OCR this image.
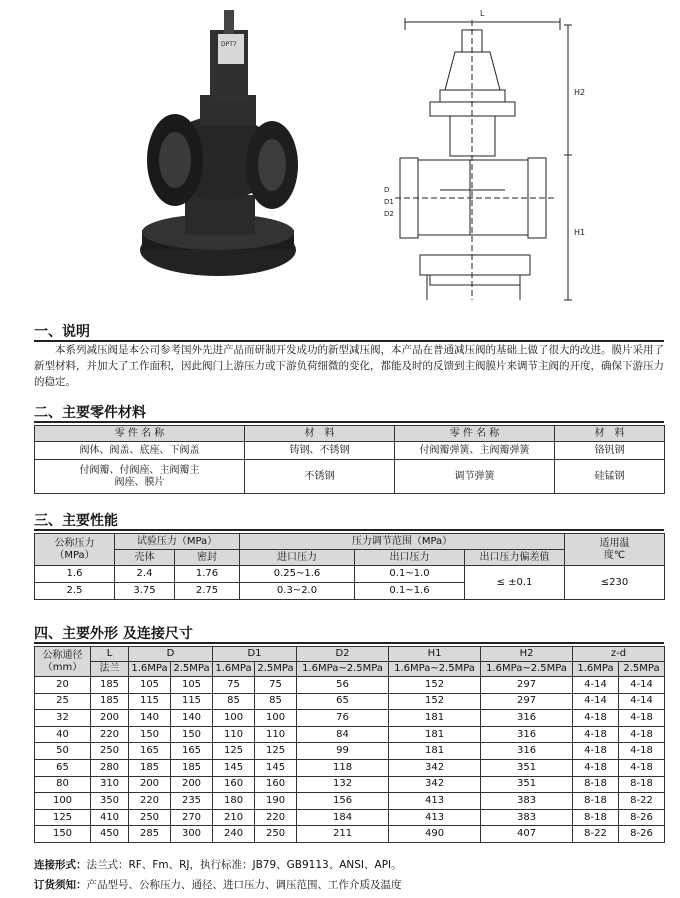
DPT7
L
H2
H1
D
D1
D2
一、说明
本系列减压阀是本公司参考国外先进产品而研制开发成功的新型减压阀，本产品在普通减压阀的基础上做了很大的改进。膜片采用了新型材料，并加大了工作面积，因此阀门上游压力或下游负荷细微的变化，都能及时的反馈到主阀膜片来调节主阀的开度，确保下游压力的稳定。
二、主要零件材料
零 件 名 称	材　料	零 件 名 称	材　料
阀体、阀盖、底座、下阀盖	铸钢、不锈钢	付阀瓣弹簧、主阀瓣弹簧	铬钒钢
付阀瓣、付阀座、主阀瓣主阀座、膜片	不锈钢	调节弹簧	硅锰钢
三、主要性能
公称压力（MPa）	试验压力（MPa）		压力调节范围（MPa）			适用温度℃
	壳体	密封	进口压力	出口压力	出口压力偏差值	
1.6	2.4	1.76	0.25~1.6	0.1~1.0	≤ ±0.1	≤230
2.5	3.75	2.75	0.3~2.0	0.1~1.6		
四、主要外形 及连接尺寸
公称通径（mm）	L	D		D1		D2	H1	H2	z-d	
	法兰	1.6MPa	2.5MPa	1.6MPa	2.5MPa	1.6MPa~2.5MPa	1.6MPa~2.5MPa	1.6MPa~2.5MPa	1.6MPa	2.5MPa
20	185	105	105	75	75	56	152	297	4-14	4-14
25	185	115	115	85	85	65	152	297	4-14	4-14
32	200	140	140	100	100	76	181	316	4-18	4-18
40	220	150	150	110	110	84	181	316	4-18	4-18
50	250	165	165	125	125	99	181	316	4-18	4-18
65	280	185	185	145	145	118	342	351	4-18	4-18
80	310	200	200	160	160	132	342	351	8-18	8-18
100	350	220	235	180	190	156	413	383	8-18	8-22
125	410	250	270	210	220	184	413	383	8-18	8-26
150	450	285	300	240	250	211	490	407	8-22	8-26
连接形式：法兰式：RF、Fm、RJ，执行标准：JB79、GB9113、ANSI、API。
订货须知：产品型号、公称压力、通径、进口压力、调压范围、工作介质及温度
